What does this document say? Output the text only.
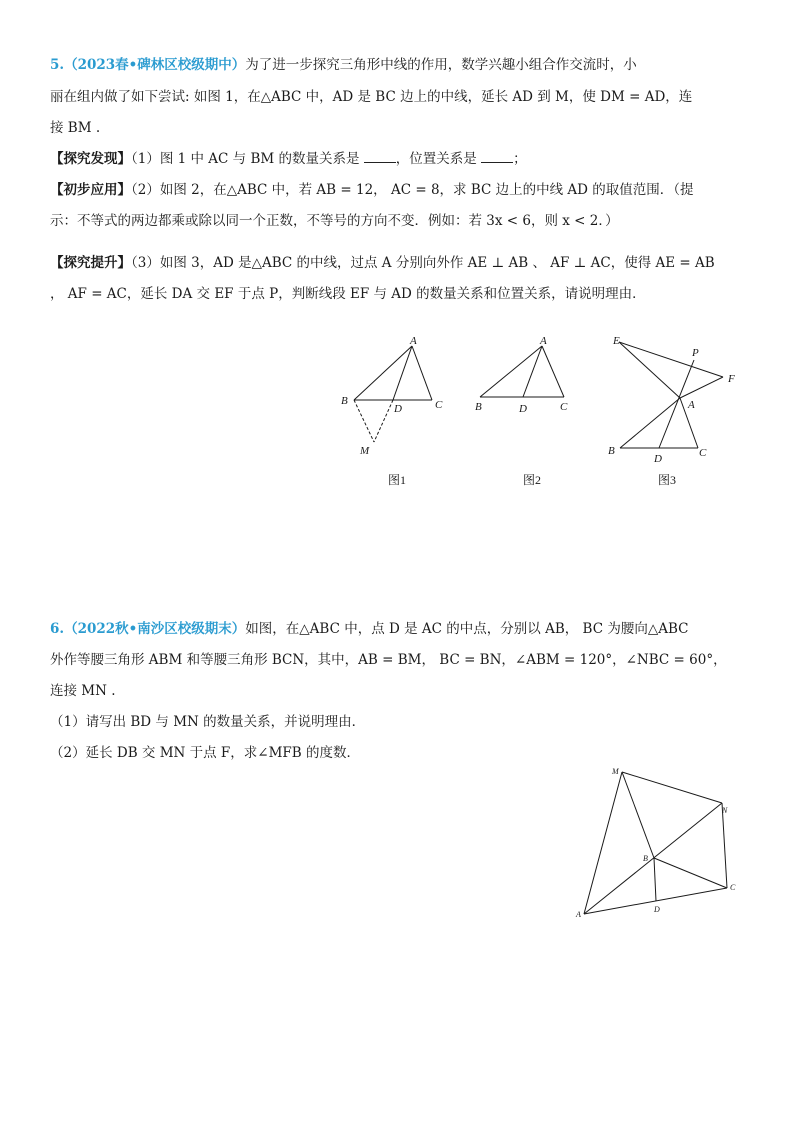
5.（2023春•碑林区校级期中）为了进一步探究三角形中线的作用，数学兴趣小组合作交流时，小
丽在组内做了如下尝试: 如图 1，在△ABC 中，AD 是 BC 边上的中线，延长 AD 到 M，使 DM = AD，连
接 BM .
【探究发现】（1）图 1 中 AC 与 BM 的数量关系是	，位置关系是	；
【初步应用】（2）如图 2，在△ABC 中，若 AB = 12， AC = 8，求 BC 边上的中线 AD 的取值范围．（提
示：不等式的两边都乘或除以同一个正数，不等号的方向不变．例如：若 3x < 6，则 x < 2．）
【探究提升】（3）如图 3，AD 是△ABC 的中线，过点 A 分别向外作 AE ⊥ AB 、 AF ⊥ AC，使得 AE = AB
， AF = AC，延长 DA 交 EF 于点 P，判断线段 EF 与 AD 的数量关系和位置关系，请说明理由．
A
B	C
D
M
图1
A
B	C
D
图2
E
P
F
A
B
D	C
图3
6.（2022秋•南沙区校级期末）如图，在△ABC 中，点 D 是 AC 的中点，分别以 AB， BC 为腰向△ABC
外作等腰三角形 ABM 和等腰三角形 BCN，其中，AB = BM， BC = BN，∠ABM = 120°，∠NBC = 60°，
连接 MN .
（1）请写出 BD 与 MN 的数量关系，并说明理由．
（2）延长 DB 交 MN 于点 F，求∠MFB 的度数．
M
N
B
C
D
A
